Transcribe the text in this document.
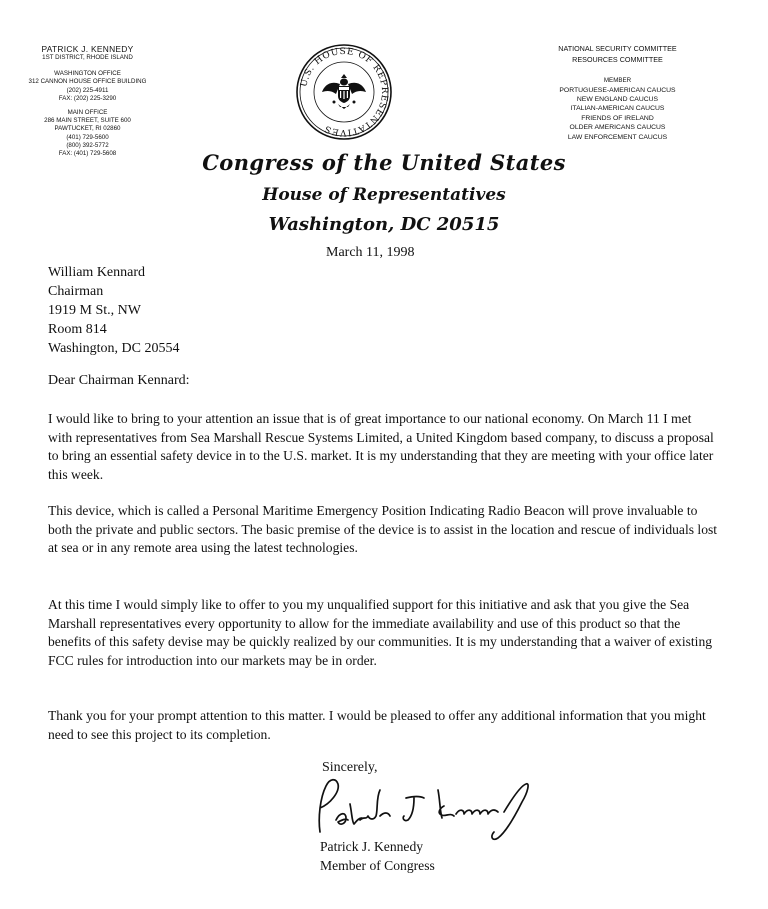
PATRICK J. KENNEDY
1ST DISTRICT, RHODE ISLAND
WASHINGTON OFFICE
312 CANNON HOUSE OFFICE BUILDING
(202) 225-4911
FAX: (202) 225-3290
MAIN OFFICE
286 MAIN STREET, SUITE 600
PAWTUCKET, RI 02860
(401) 729-5600
(800) 392-5772
FAX: (401) 729-5608
U.S. HOUSE OF REPRESENTATIVES
NATIONAL SECURITY COMMITTEE
RESOURCES COMMITTEE
MEMBER
PORTUGUESE-AMERICAN CAUCUS
NEW ENGLAND CAUCUS
ITALIAN-AMERICAN CAUCUS
FRIENDS OF IRELAND
OLDER AMERICANS CAUCUS
LAW ENFORCEMENT CAUCUS
Congress of the United States
House of Representatives
Washington, DC 20515
March 11, 1998
William Kennard
Chairman
1919 M St., NW
Room 814
Washington, DC 20554
Dear Chairman Kennard:
I would like to bring to your attention an issue that is of great importance to our national economy. On March 11 I met with representatives from Sea Marshall Rescue Systems Limited, a United Kingdom based company, to discuss a proposal to bring an essential safety device in to the U.S. market. It is my understanding that they are meeting with your office later this week.
This device, which is called a Personal Maritime Emergency Position Indicating Radio Beacon will prove invaluable to both the private and public sectors. The basic premise of the device is to assist in the location and rescue of individuals lost at sea or in any remote area using the latest technologies.
At this time I would simply like to offer to you my unqualified support for this initiative and ask that you give the Sea Marshall representatives every opportunity to allow for the immediate availability and use of this product so that the benefits of this safety devise may be quickly realized by our communities. It is my understanding that a waiver of existing FCC rules for introduction into our markets may be in order.
Thank you for your prompt attention to this matter. I would be pleased to offer any additional information that you might need to see this project to its completion.
Sincerely,
Patrick J. Kennedy
Member of Congress
